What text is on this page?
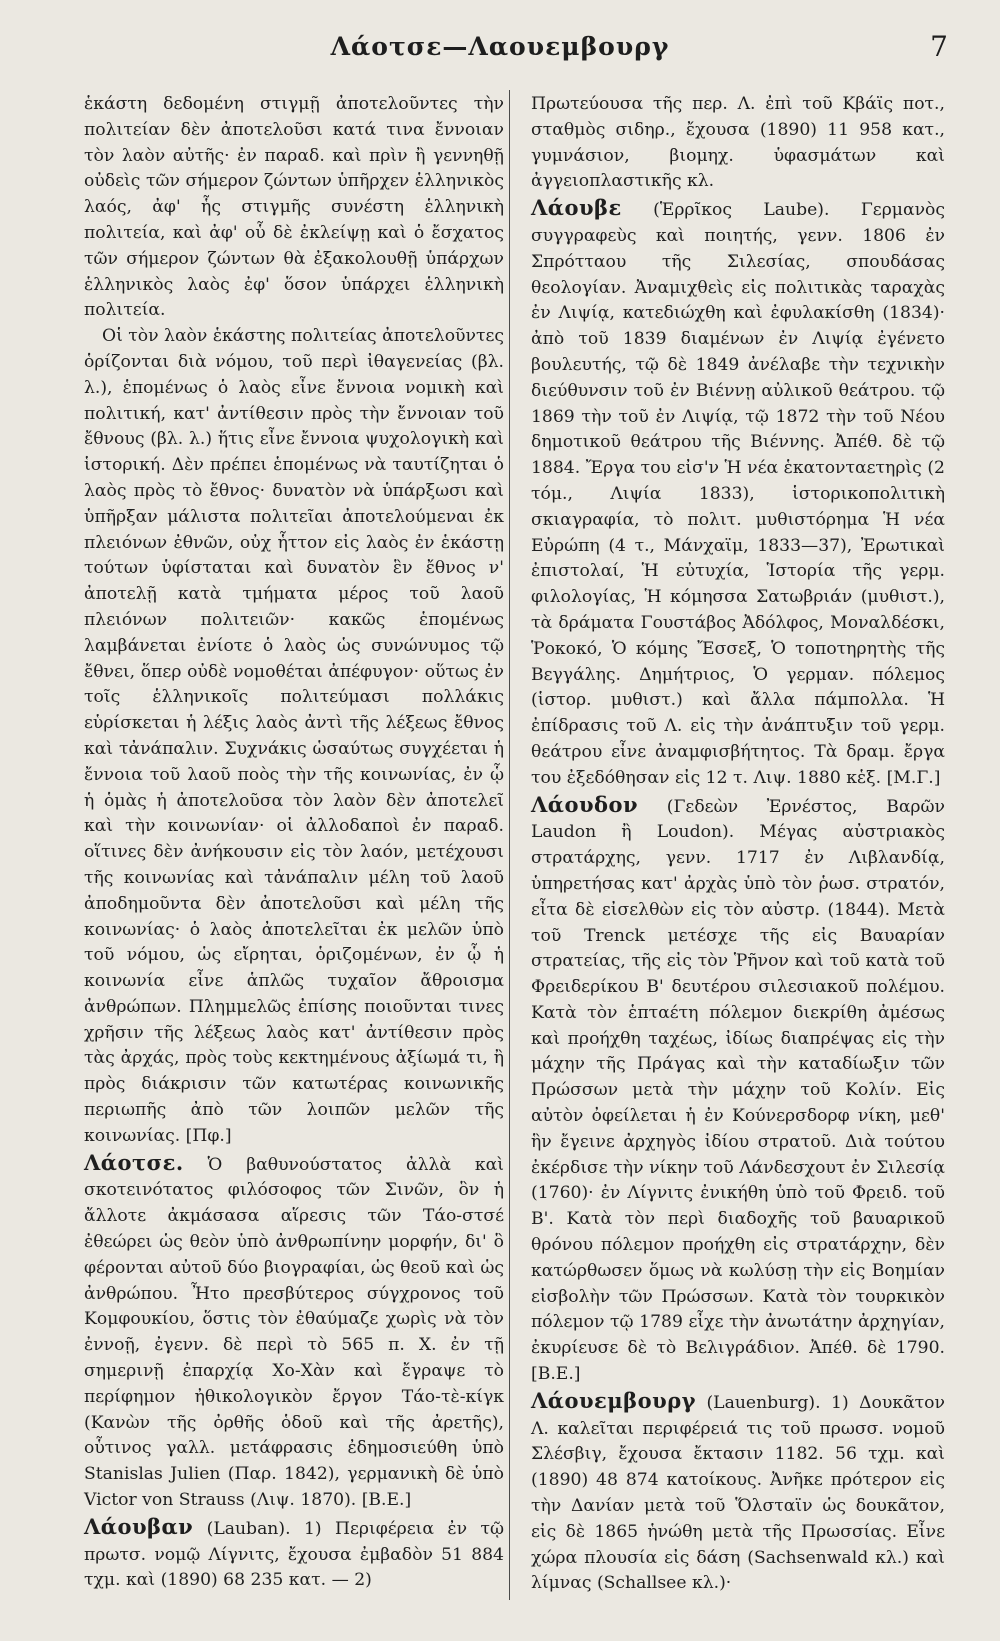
Λάοτσε—Λαουεμβουργ	7

ἑκάστη δεδομένη στιγμῇ ἀποτελοῦντες τὴν πολιτείαν δὲν ἀποτελοῦσι κατά τινα ἔννοιαν τὸν λαὸν αὐτῆς· ἐν παραδ. καὶ πρὶν ἢ γεννηθῇ οὐδεὶς τῶν σήμερον ζώντων ὑπῆρχεν ἑλληνικὸς λαός, ἀφ' ἧς στιγμῆς συνέστη ἑλληνικὴ πολιτεία, καὶ ἀφ' οὗ δὲ ἐκλείψῃ καὶ ὁ ἔσχατος τῶν σήμερον ζώντων θὰ ἐξακολουθῇ ὑπάρχων ἑλληνικὸς λαὸς ἐφ' ὅσον ὑπάρχει ἑλληνικὴ πολιτεία.

Οἱ τὸν λαὸν ἑκάστης πολιτείας ἀποτελοῦντες ὁρίζονται διὰ νόμου, τοῦ περὶ ἰθαγενείας (βλ. λ.), ἑπομένως ὁ λαὸς εἶνε ἔννοια νομικὴ καὶ πολιτική, κατ' ἀντίθεσιν πρὸς τὴν ἔννοιαν τοῦ ἔθνους (βλ. λ.) ἥτις εἶνε ἔννοια ψυχολογικὴ καὶ ἱστορική. Δὲν πρέπει ἑπομένως νὰ ταυτίζηται ὁ λαὸς πρὸς τὸ ἔθνος· δυνατὸν νὰ ὑπάρξωσι καὶ ὑπῆρξαν μάλιστα πολιτεῖαι ἀποτελούμεναι ἐκ πλειόνων ἐθνῶν, οὐχ ἧττον εἰς λαὸς ἐν ἑκάστῃ τούτων ὑφίσταται καὶ δυνατὸν ἓν ἔθνος ν' ἀποτελῇ κατὰ τμήματα μέρος τοῦ λαοῦ πλειόνων πολιτειῶν· κακῶς ἑπομένως λαμβάνεται ἐνίοτε ὁ λαὸς ὡς συνώνυμος τῷ ἔθνει, ὅπερ οὐδὲ νομοθέται ἀπέφυγον· οὕτως ἐν τοῖς ἑλληνικοῖς πολιτεύμασι πολλάκις εὑρίσκεται ἡ λέξις λαὸς ἀντὶ τῆς λέξεως ἔθνος καὶ τἀνάπαλιν. Συχνάκις ὡσαύτως συγχέεται ἡ ἔννοια τοῦ λαοῦ ποὸς τὴν τῆς κοινωνίας, ἐν ᾧ ἡ ὁμὰς ἡ ἀποτελοῦσα τὸν λαὸν δὲν ἀποτελεῖ καὶ τὴν κοινωνίαν· οἱ ἀλλοδαποὶ ἐν παραδ. οἵτινες δὲν ἀνήκουσιν εἰς τὸν λαόν, μετέχουσι τῆς κοινωνίας καὶ τἀνάπαλιν μέλη τοῦ λαοῦ ἀποδημοῦντα δὲν ἀποτελοῦσι καὶ μέλη τῆς κοινωνίας· ὁ λαὸς ἀποτελεῖται ἐκ μελῶν ὑπὸ τοῦ νόμου, ὡς εἴρηται, ὁριζομένων, ἐν ᾧ ἡ κοινωνία εἶνε ἁπλῶς τυχαῖον ἄθροισμα ἀνθρώπων. Πλημμελῶς ἐπίσης ποιοῦνται τινες χρῆσιν τῆς λέξεως λαὸς κατ' ἀντίθεσιν πρὸς τὰς ἀρχάς, πρὸς τοὺς κεκτημένους ἀξίωμά τι, ἢ πρὸς διάκρισιν τῶν κατωτέρας κοινωνικῆς περιωπῆς ἀπὸ τῶν λοιπῶν μελῶν τῆς κοινωνίας. [Πφ.]

Λάοτσε. Ὁ βαθυνούστατος ἀλλὰ καὶ σκοτεινότατος φιλόσοφος τῶν Σινῶν, ὃν ἡ ἄλλοτε ἀκμάσασα αἵρεσις τῶν Τάο-στσέ ἐθεώρει ὡς θεὸν ὑπὸ ἀνθρωπίνην μορφήν, δι' ὃ φέρονται αὐτοῦ δύο βιογραφίαι, ὡς θεοῦ καὶ ὡς ἀνθρώπου. Ἦτο πρεσβύτερος σύγχρονος τοῦ Κομφουκίου, ὅστις τὸν ἐθαύμαζε χωρὶς νὰ τὸν ἐννοῇ, ἐγενν. δὲ περὶ τὸ 565 π. Χ. ἐν τῇ σημερινῇ ἐπαρχίᾳ Χο-Χὰν καὶ ἔγραψε τὸ περίφημον ἠθικολογικὸν ἔργον Τάο-τὲ-κίγκ (Κανὼν τῆς ὀρθῆς ὁδοῦ καὶ τῆς ἀρετῆς), οὗτινος γαλλ. μετάφρασις ἐδημοσιεύθη ὑπὸ Stanislas Julien (Παρ. 1842), γερμανικὴ δὲ ὑπὸ Victor von Strauss (Λιψ. 1870). [Β.Ε.]

Λάουβαν (Lauban). 1) Περιφέρεια ἐν τῷ πρωτσ. νομῷ Λίγνιτς, ἔχουσα ἐμβαδὸν 51 884 τχμ. καὶ (1890) 68 235 κατ. — 2)

Πρωτεύουσα τῆς περ. Λ. ἐπὶ τοῦ Κβάϊς ποτ., σταθμὸς σιδηρ., ἔχουσα (1890) 11 958 κατ., γυμνάσιον, βιομηχ. ὑφασμάτων καὶ ἀγγειοπλαστικῆς κλ.

Λάουβε (Ἑρρῖκος Laube). Γερμανὸς συγγραφεὺς καὶ ποιητής, γενν. 1806 ἐν Σπρότταου τῆς Σιλεσίας, σπουδάσας θεολογίαν. Ἀναμιχθεὶς εἰς πολιτικὰς ταραχὰς ἐν Λιψίᾳ, κατεδιώχθη καὶ ἐφυλακίσθη (1834)· ἀπὸ τοῦ 1839 διαμένων ἐν Λιψίᾳ ἐγένετο βουλευτής, τῷ δὲ 1849 ἀνέλαβε τὴν τεχνικὴν διεύθυνσιν τοῦ ἐν Βιέννῃ αὐλικοῦ θεάτρου. τῷ 1869 τὴν τοῦ ἐν Λιψίᾳ, τῷ 1872 τὴν τοῦ Νέου δημοτικοῦ θεάτρου τῆς Βιέννης. Ἀπέθ. δὲ τῷ 1884. Ἔργα του εἰσ'ν Ἡ νέα ἑκατονταετηρὶς (2 τόμ., Λιψία 1833), ἱστορικοπολιτικὴ σκιαγραφία, τὸ πολιτ. μυθιστόρημα Ἡ νέα Εὐρώπη (4 τ., Μάνχαϊμ, 1833—37), Ἐρωτικαὶ ἐπιστολαί, Ἡ εὐτυχία, Ἱστορία τῆς γερμ. φιλολογίας, Ἡ κόμησσα Σατωβριάν (μυθιστ.), τὰ δράματα Γουστάβος Ἀδόλφος, Μοναλδέσκι, Ῥοκοκό, Ὁ κόμης Ἔσσεξ, Ὁ τοποτηρητὴς τῆς Βεγγάλης. Δημήτριος, Ὁ γερμαν. πόλεμος (ἱστορ. μυθιστ.) καὶ ἄλλα πάμπολλα. Ἡ ἐπίδρασις τοῦ Λ. εἰς τὴν ἀνάπτυξιν τοῦ γερμ. θεάτρου εἶνε ἀναμφισβήτητος. Τὰ δραμ. ἔργα του ἐξεδόθησαν εἰς 12 τ. Λιψ. 1880 κἑξ. [Μ.Γ.]

Λάουδον (Γεδεὼν Ἐρνέστος, Βαρῶν Laudon ἢ Loudon). Μέγας αὐστριακὸς στρατάρχης, γενν. 1717 ἐν Λιβλανδίᾳ, ὑπηρετήσας κατ' ἀρχὰς ὑπὸ τὸν ῥωσ. στρατόν, εἶτα δὲ εἰσελθὼν εἰς τὸν αὐστρ. (1844). Μετὰ τοῦ Trenck μετέσχε τῆς εἰς Βαυαρίαν στρατείας, τῆς εἰς τὸν Ῥῆνον καὶ τοῦ κατὰ τοῦ Φρειδερίκου Β' δευτέρου σιλεσιακοῦ πολέμου. Κατὰ τὸν ἑπταέτη πόλεμον διεκρίθη ἀμέσως καὶ προήχθη ταχέως, ἰδίως διαπρέψας εἰς τὴν μάχην τῆς Πράγας καὶ τὴν καταδίωξιν τῶν Πρώσσων μετὰ τὴν μάχην τοῦ Κολίν. Εἰς αὐτὸν ὀφείλεται ἡ ἐν Κούνερσδορφ νίκη, μεθ' ἣν ἔγεινε ἀρχηγὸς ἰδίου στρατοῦ. Διὰ τούτου ἐκέρδισε τὴν νίκην τοῦ Λάνδεσχουτ ἐν Σιλεσίᾳ (1760)· ἐν Λίγνιτς ἐνικήθη ὑπὸ τοῦ Φρειδ. τοῦ Β'. Κατὰ τὸν περὶ διαδοχῆς τοῦ βαυαρικοῦ θρόνου πόλεμον προήχθη εἰς στρατάρχην, δὲν κατώρθωσεν ὅμως νὰ κωλύσῃ τὴν εἰς Βοημίαν εἰσβολὴν τῶν Πρώσσων. Κατὰ τὸν τουρκικὸν πόλεμον τῷ 1789 εἶχε τὴν ἀνωτάτην ἀρχηγίαν, ἐκυρίευσε δὲ τὸ Βελιγράδιον. Ἀπέθ. δὲ 1790. [Β.Ε.]

Λάουεμβουργ (Lauenburg). 1) Δουκᾶτον Λ. καλεῖται περιφέρειά τις τοῦ πρωσσ. νομοῦ Σλέσβιγ, ἔχουσα ἔκτασιν 1182. 56 τχμ. καὶ (1890) 48 874 κατοίκους. Ἀνῆκε πρότερον εἰς τὴν Δανίαν μετὰ τοῦ Ὅλσταϊν ὡς δουκᾶτον, εἰς δὲ 1865 ἡνώθη μετὰ τῆς Πρωσσίας. Εἶνε χώρα πλουσία εἰς δάση (Sachsenwald κλ.) καὶ λίμνας (Schallsee κλ.)·
